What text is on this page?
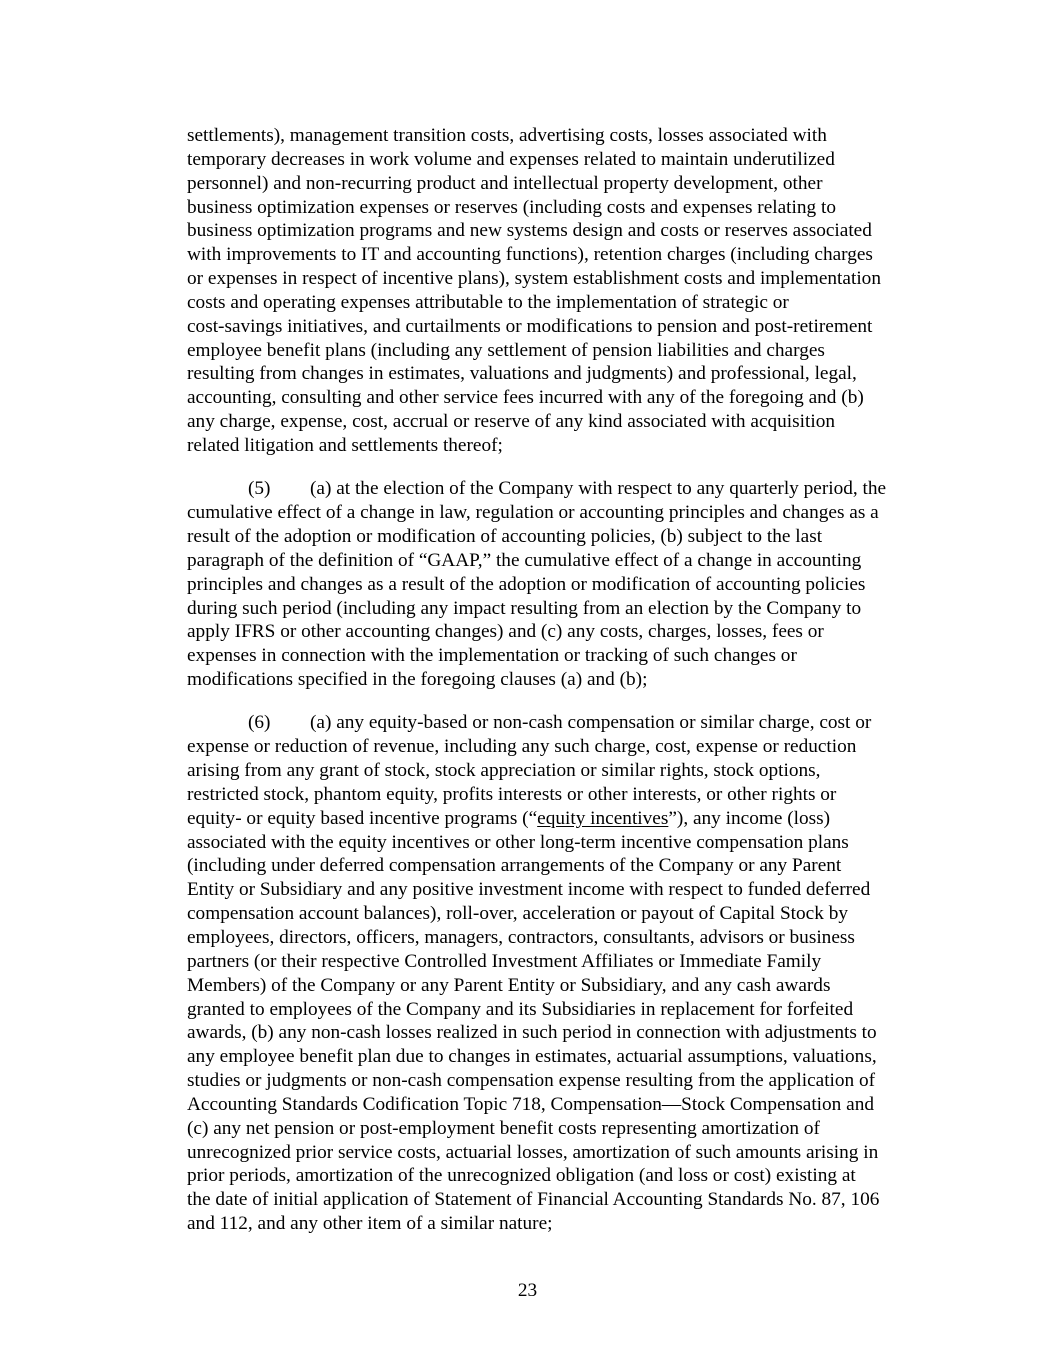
settlements), management transition costs, advertising costs, losses associated with
temporary decreases in work volume and expenses related to maintain underutilized
personnel) and non-recurring product and intellectual property development, other
business optimization expenses or reserves (including costs and expenses relating to
business optimization programs and new systems design and costs or reserves associated
with improvements to IT and accounting functions), retention charges (including charges
or expenses in respect of incentive plans), system establishment costs and implementation
costs and operating expenses attributable to the implementation of strategic or
cost-savings initiatives, and curtailments or modifications to pension and post-retirement
employee benefit plans (including any settlement of pension liabilities and charges
resulting from changes in estimates, valuations and judgments) and professional, legal,
accounting, consulting and other service fees incurred with any of the foregoing and (b)
any charge, expense, cost, accrual or reserve of any kind associated with acquisition
related litigation and settlements thereof;
(5) (a) at the election of the Company with respect to any quarterly period, the
cumulative effect of a change in law, regulation or accounting principles and changes as a
result of the adoption or modification of accounting policies, (b) subject to the last
paragraph of the definition of “GAAP,” the cumulative effect of a change in accounting
principles and changes as a result of the adoption or modification of accounting policies
during such period (including any impact resulting from an election by the Company to
apply IFRS or other accounting changes) and (c) any costs, charges, losses, fees or
expenses in connection with the implementation or tracking of such changes or
modifications specified in the foregoing clauses (a) and (b);
(6) (a) any equity-based or non-cash compensation or similar charge, cost or
expense or reduction of revenue, including any such charge, cost, expense or reduction
arising from any grant of stock, stock appreciation or similar rights, stock options,
restricted stock, phantom equity, profits interests or other interests, or other rights or
equity- or equity based incentive programs (“equity incentives”), any income (loss)
associated with the equity incentives or other long-term incentive compensation plans
(including under deferred compensation arrangements of the Company or any Parent
Entity or Subsidiary and any positive investment income with respect to funded deferred
compensation account balances), roll-over, acceleration or payout of Capital Stock by
employees, directors, officers, managers, contractors, consultants, advisors or business
partners (or their respective Controlled Investment Affiliates or Immediate Family
Members) of the Company or any Parent Entity or Subsidiary, and any cash awards
granted to employees of the Company and its Subsidiaries in replacement for forfeited
awards, (b) any non-cash losses realized in such period in connection with adjustments to
any employee benefit plan due to changes in estimates, actuarial assumptions, valuations,
studies or judgments or non-cash compensation expense resulting from the application of
Accounting Standards Codification Topic 718, Compensation—Stock Compensation and
(c) any net pension or post-employment benefit costs representing amortization of
unrecognized prior service costs, actuarial losses, amortization of such amounts arising in
prior periods, amortization of the unrecognized obligation (and loss or cost) existing at
the date of initial application of Statement of Financial Accounting Standards No. 87, 106
and 112, and any other item of a similar nature;
23
